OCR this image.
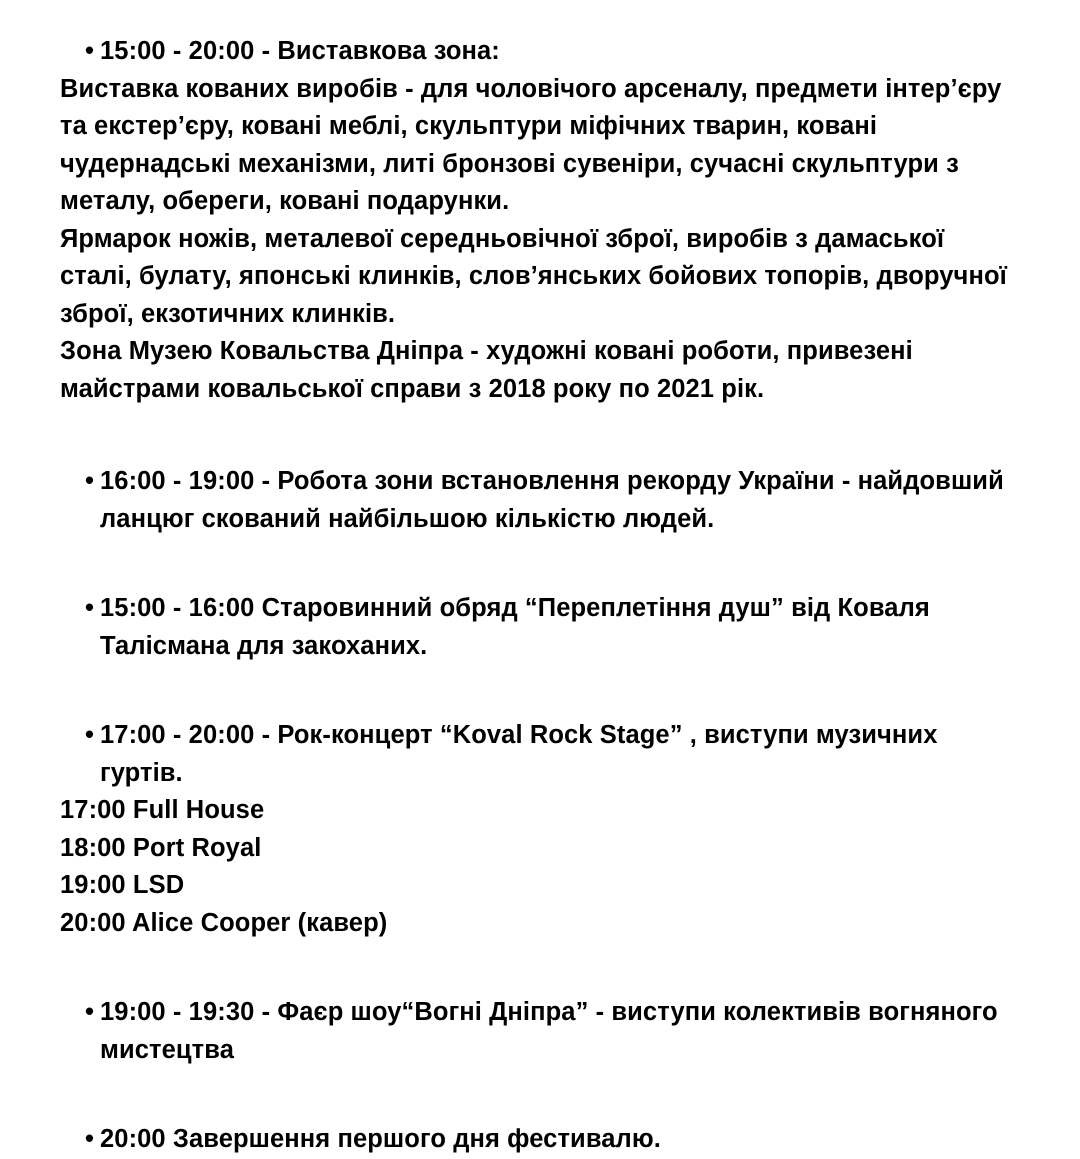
• 15:00 - 20:00 - Виставкова зона:
Виставка кованих виробів - для чоловічого арсеналу, предмети інтер’єру та екстер’єру, ковані меблі, скульптури міфічних тварин, ковані чудернадські механізми, литі бронзові сувеніри, сучасні скульптури з металу, обереги, ковані подарунки.
Ярмарок ножів, металевої середньовічної зброї, виробів з дамаської сталі, булату, японські клинків, слов’янських бойових топорів, дворучної зброї, екзотичних клинків.
Зона Музею Ковальства Дніпра - художні ковані роботи, привезені майстрами ковальської справи з 2018 року по 2021 рік.
• 16:00 - 19:00 - Робота зони встановлення рекорду України - найдовший ланцюг скований найбільшою кількістю людей.
• 15:00 - 16:00 Старовинний обряд “Переплетіння душ” від Коваля Талісмана для закоханих.
• 17:00 - 20:00 - Рок-концерт “Koval Rock Stage” , виступи музичних гуртів.
17:00 Full House
18:00 Port Royal
19:00 LSD
20:00 Alice Cooper (кавер)
• 19:00 - 19:30 - Фаєр шоу“Вогні Дніпра” - виступи колективів вогняного мистецтва
• 20:00 Завершення першого дня фестивалю.
